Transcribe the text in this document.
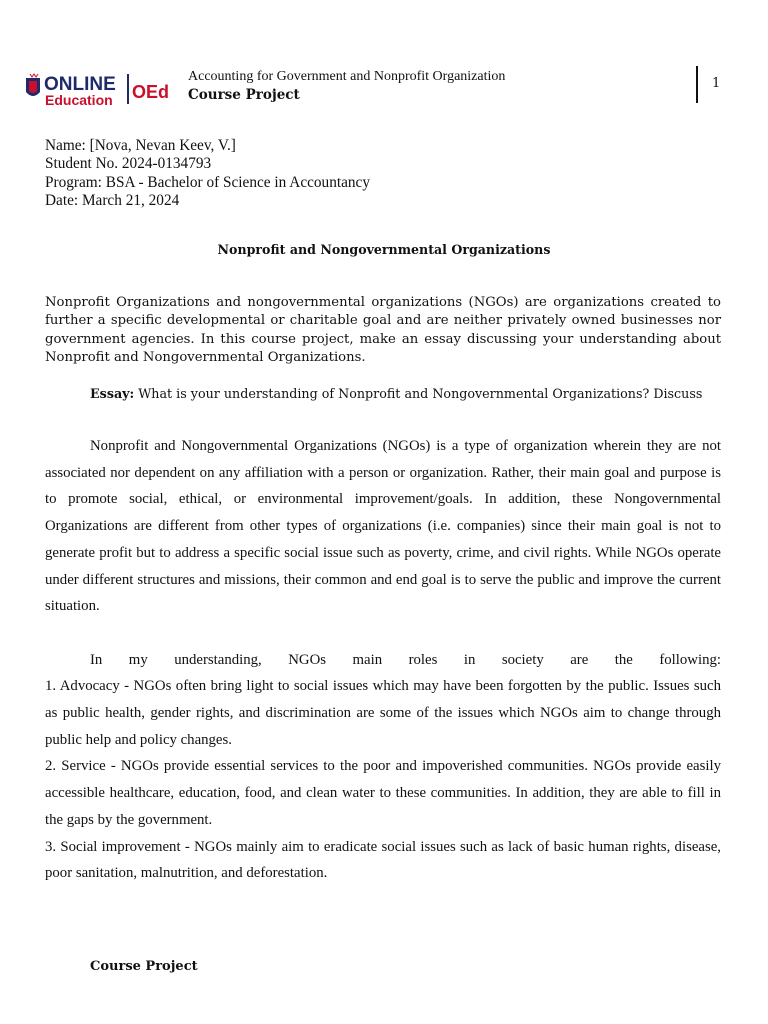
ONLINE
Education OEd
Accounting for Government and Nonprofit Organization
Course Project
1
Name: [Nova, Nevan Keev, V.]
Student No. 2024-0134793
Program: BSA - Bachelor of Science in Accountancy
Date: March 21, 2024
Nonprofit and Nongovernmental Organizations
Nonprofit Organizations and nongovernmental organizations (NGOs) are organizations created to further a specific developmental or charitable goal and are neither privately owned businesses nor government agencies. In this course project, make an essay discussing your understanding about Nonprofit and Nongovernmental Organizations.
Essay: What is your understanding of Nonprofit and Nongovernmental Organizations? Discuss

Nonprofit and Nongovernmental Organizations (NGOs) is a type of organization wherein they are not associated nor dependent on any affiliation with a person or organization. Rather, their main goal and purpose is to promote social, ethical, or environmental improvement/goals. In addition, these Nongovernmental Organizations are different from other types of organizations (i.e. companies) since their main goal is not to generate profit but to address a specific social issue such as poverty, crime, and civil rights. While NGOs operate under different structures and missions, their common and end goal is to serve the public and improve the current situation.

In my understanding, NGOs main roles in society are the following:

1. Advocacy - NGOs often bring light to social issues which may have been forgotten by the public. Issues such as public health, gender rights, and discrimination are some of the issues which NGOs aim to change through public help and policy changes.

2. Service - NGOs provide essential services to the poor and impoverished communities. NGOs provide easily accessible healthcare, education, food, and clean water to these communities. In addition, they are able to fill in the gaps by the government.

3. Social improvement - NGOs mainly aim to eradicate social issues such as lack of basic human rights, disease, poor sanitation, malnutrition, and deforestation.

Course Project
